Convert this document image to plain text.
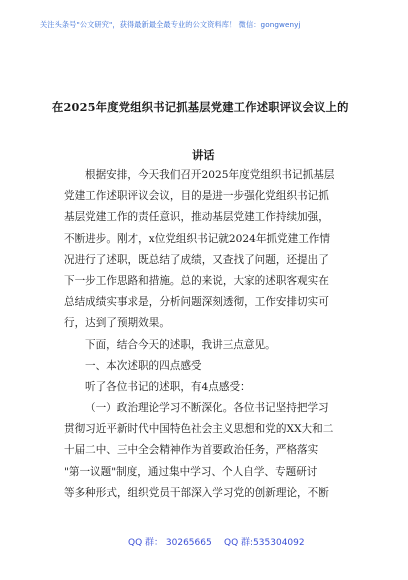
关注头条号"公文研究"，获得最新最全最专业的公文资料库！ 微信：gongwenyj
在2025年度党组织书记抓基层党建工作述职评议会议上的
讲话
根据安排，今天我们召开2025年度党组织书记抓基层
党建工作述职评议会议，目的是进一步强化党组织书记抓
基层党建工作的责任意识，推动基层党建工作持续加强，
不断进步。刚才，x位党组织书记就2024年抓党建工作情
况进行了述职，既总结了成绩，又查找了问题，还提出了
下一步工作思路和措施。总的来说，大家的述职客观实在
总结成绩实事求是，分析问题深刻透彻，工作安排切实可
行，达到了预期效果。
下面，结合今天的述职，我讲三点意见。
一、本次述职的四点感受
听了各位书记的述职，有4点感受：
（一）政治理论学习不断深化。各位书记坚持把学习
贯彻习近平新时代中国特色社会主义思想和党的XX大和二
十届二中、三中全会精神作为首要政治任务，严格落实
"第一议题"制度，通过集中学习、个人自学、专题研讨
等多种形式，组织党员干部深入学习党的创新理论，不断
QQ 群： 30265665 QQ 群:535304092
